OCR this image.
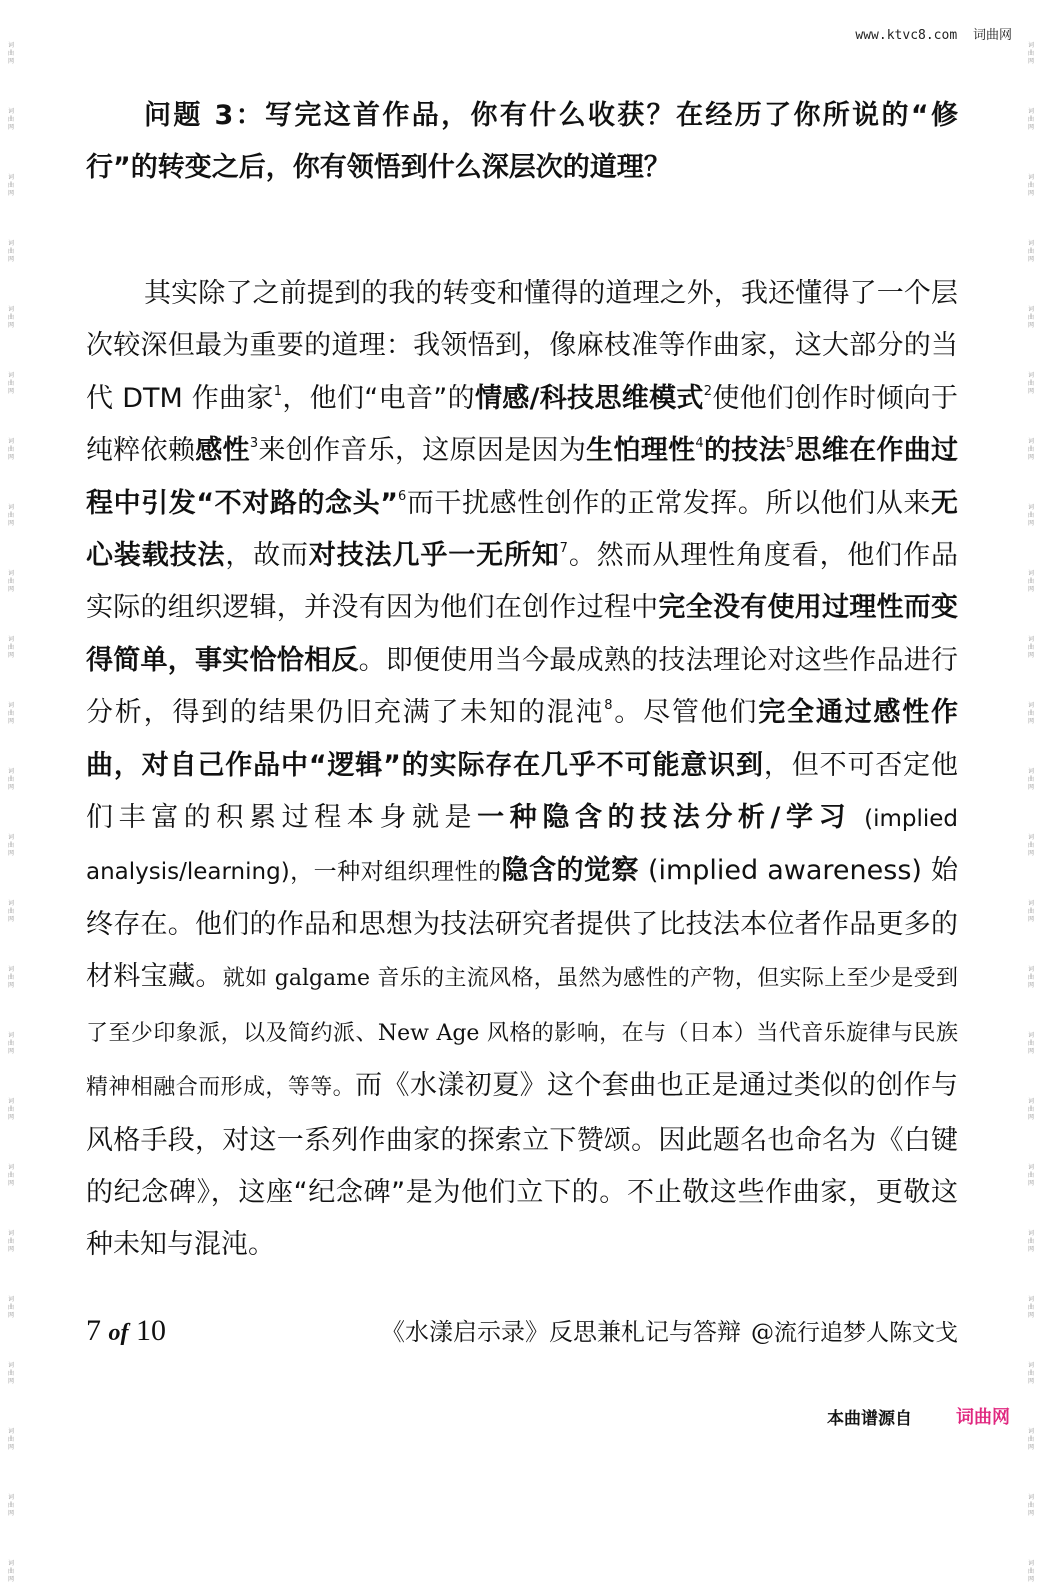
词曲网
词曲网
词曲网
词曲网
词曲网
词曲网
词曲网
词曲网
词曲网
词曲网
词曲网
词曲网
词曲网
词曲网
词曲网
词曲网
词曲网
词曲网
词曲网
词曲网
词曲网
词曲网
词曲网
词曲网
词曲网
词曲网
词曲网
词曲网
词曲网
词曲网
词曲网
词曲网
词曲网
词曲网
词曲网
词曲网
词曲网
词曲网
词曲网
词曲网
词曲网
词曲网
词曲网
词曲网
词曲网
词曲网
词曲网
词曲网
www.ktvc8.com 词曲网

问题 3：写完这首作品，你有什么收获？在经历了你所说的“修行”的转变之后，你有领悟到什么深层次的道理？

其实除了之前提到的我的转变和懂得的道理之外，我还懂得了一个层次较深但最为重要的道理：我领悟到，像麻枝准等作曲家，这大部分的当代 DTM 作曲家$^1$，他们“电音”的情感/科技思维模式$^2$使他们创作时倾向于纯粹依赖感性$^3$来创作音乐，这原因是因为生怕理性$^4$的技法$^5$思维在作曲过程中引发“不对路的念头”$^6$而干扰感性创作的正常发挥。所以他们从来无心装载技法，故而对技法几乎一无所知$^7$。然而从理性角度看，他们作品实际的组织逻辑，并没有因为他们在创作过程中完全没有使用过理性而变得简单，事实恰恰相反。即便使用当今最成熟的技法理论对这些作品进行分析，得到的结果仍旧充满了未知的混沌$^8$。尽管他们完全通过感性作曲，对自己作品中“逻辑”的实际存在几乎不可能意识到，但不可否定他们丰富的积累过程本身就是一种隐含的技法分析/学习 (implied analysis/learning)，一种对组织理性的隐含的觉察 (implied awareness) 始终存在。他们的作品和思想为技法研究者提供了比技法本位者作品更多的材料宝藏。就如 galgame 音乐的主流风格，虽然为感性的产物，但实际上至少是受到了至少印象派，以及简约派、New Age 风格的影响，在与（日本）当代音乐旋律与民族精神相融合而形成，等等。而《水漾初夏》这个套曲也正是通过类似的创作与风格手段，对这一系列作曲家的探索立下赞颂。因此题名也命名为《白键的纪念碑》，这座“纪念碑”是为他们立下的。不止敬这些作曲家，更敬这种未知与混沌。

7 of 10	《水漾启示录》反思兼札记与答辩 @流行追梦人陈文戈
本曲谱源自 词曲网
